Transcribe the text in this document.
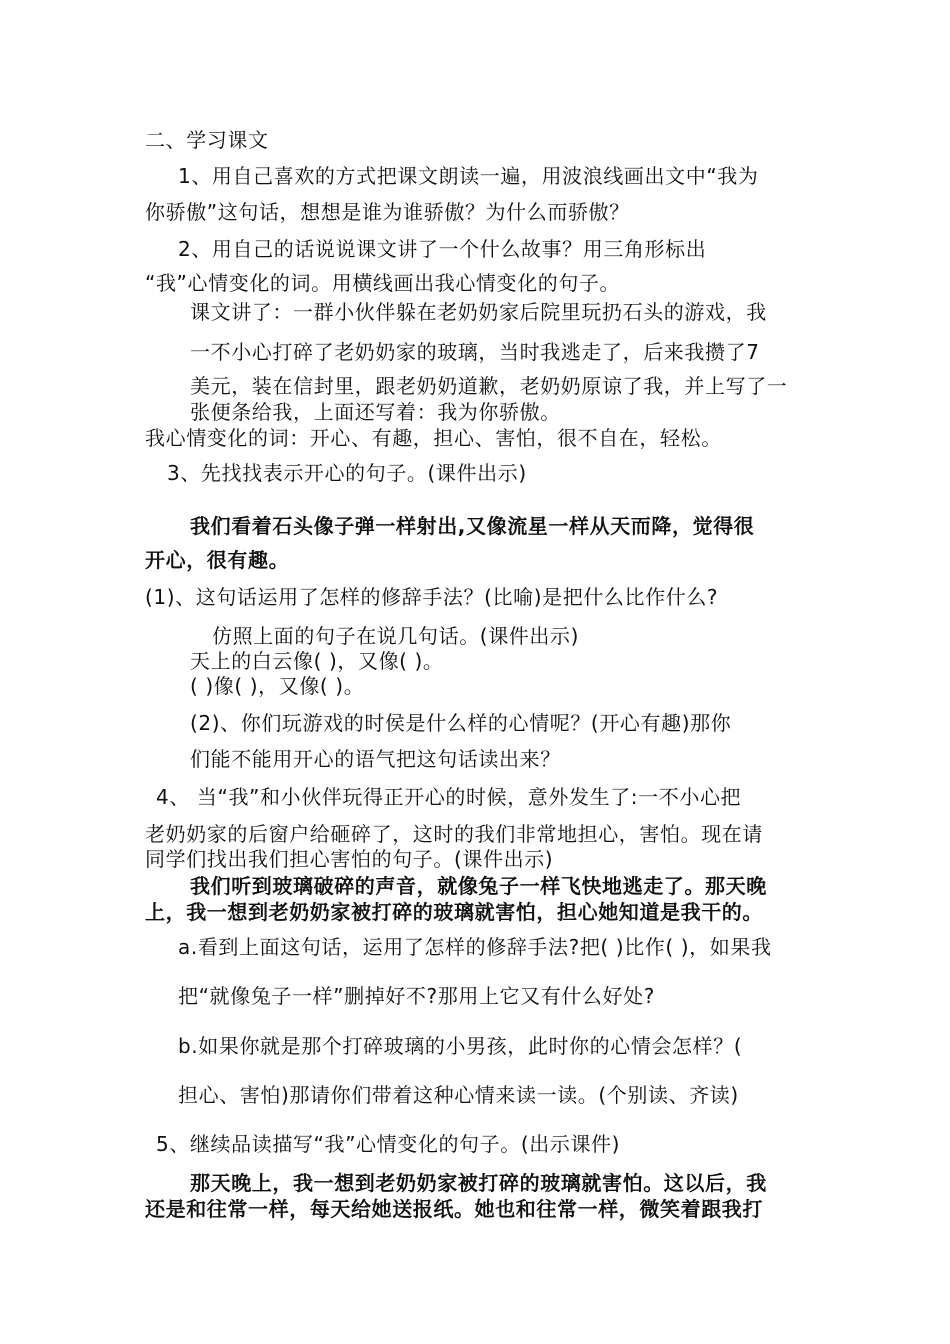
二、学习课文
1、用自己喜欢的方式把课文朗读一遍，用波浪线画出文中“我为
你骄傲”这句话，想想是谁为谁骄傲？为什么而骄傲？
2、用自己的话说说课文讲了一个什么故事？用三角形标出
“我”心情变化的词。用横线画出我心情变化的句子。
课文讲了：一群小伙伴躲在老奶奶家后院里玩扔石头的游戏，我
一不小心打碎了老奶奶家的玻璃，当时我逃走了，后来我攒了7
美元，装在信封里，跟老奶奶道歉，老奶奶原谅了我，并上写了一
张便条给我，上面还写着：我为你骄傲。
我心情变化的词：开心、有趣，担心、害怕，很不自在，轻松。
3、先找找表示开心的句子。(课件出示)
我们看着石头像子弹一样射出,又像流星一样从天而降，觉得很
开心，很有趣。
(1)、这句话运用了怎样的修辞手法？(比喻)是把什么比作什么?
仿照上面的句子在说几句话。(课件出示)
天上的白云像( )，又像( )。
( )像( )，又像( )。
(2)、你们玩游戏的时侯是什么样的心情呢？(开心有趣)那你
们能不能用开心的语气把这句话读出来？
4、 当“我”和小伙伴玩得正开心的时候，意外发生了:一不小心把
老奶奶家的后窗户给砸碎了，这时的我们非常地担心，害怕。现在请
同学们找出我们担心害怕的句子。(课件出示)
我们听到玻璃破碎的声音，就像兔子一样飞快地逃走了。那天晚
上，我一想到老奶奶家被打碎的玻璃就害怕，担心她知道是我干的。
a.看到上面这句话，运用了怎样的修辞手法?把( )比作( )，如果我
把“就像兔子一样”删掉好不?那用上它又有什么好处?
b.如果你就是那个打碎玻璃的小男孩，此时你的心情会怎样？(
担心、害怕)那请你们带着这种心情来读一读。(个别读、齐读)
5、继续品读描写“我”心情变化的句子。(出示课件)
那天晚上，我一想到老奶奶家被打碎的玻璃就害怕。这以后，我
还是和往常一样，每天给她送报纸。她也和往常一样，微笑着跟我打
